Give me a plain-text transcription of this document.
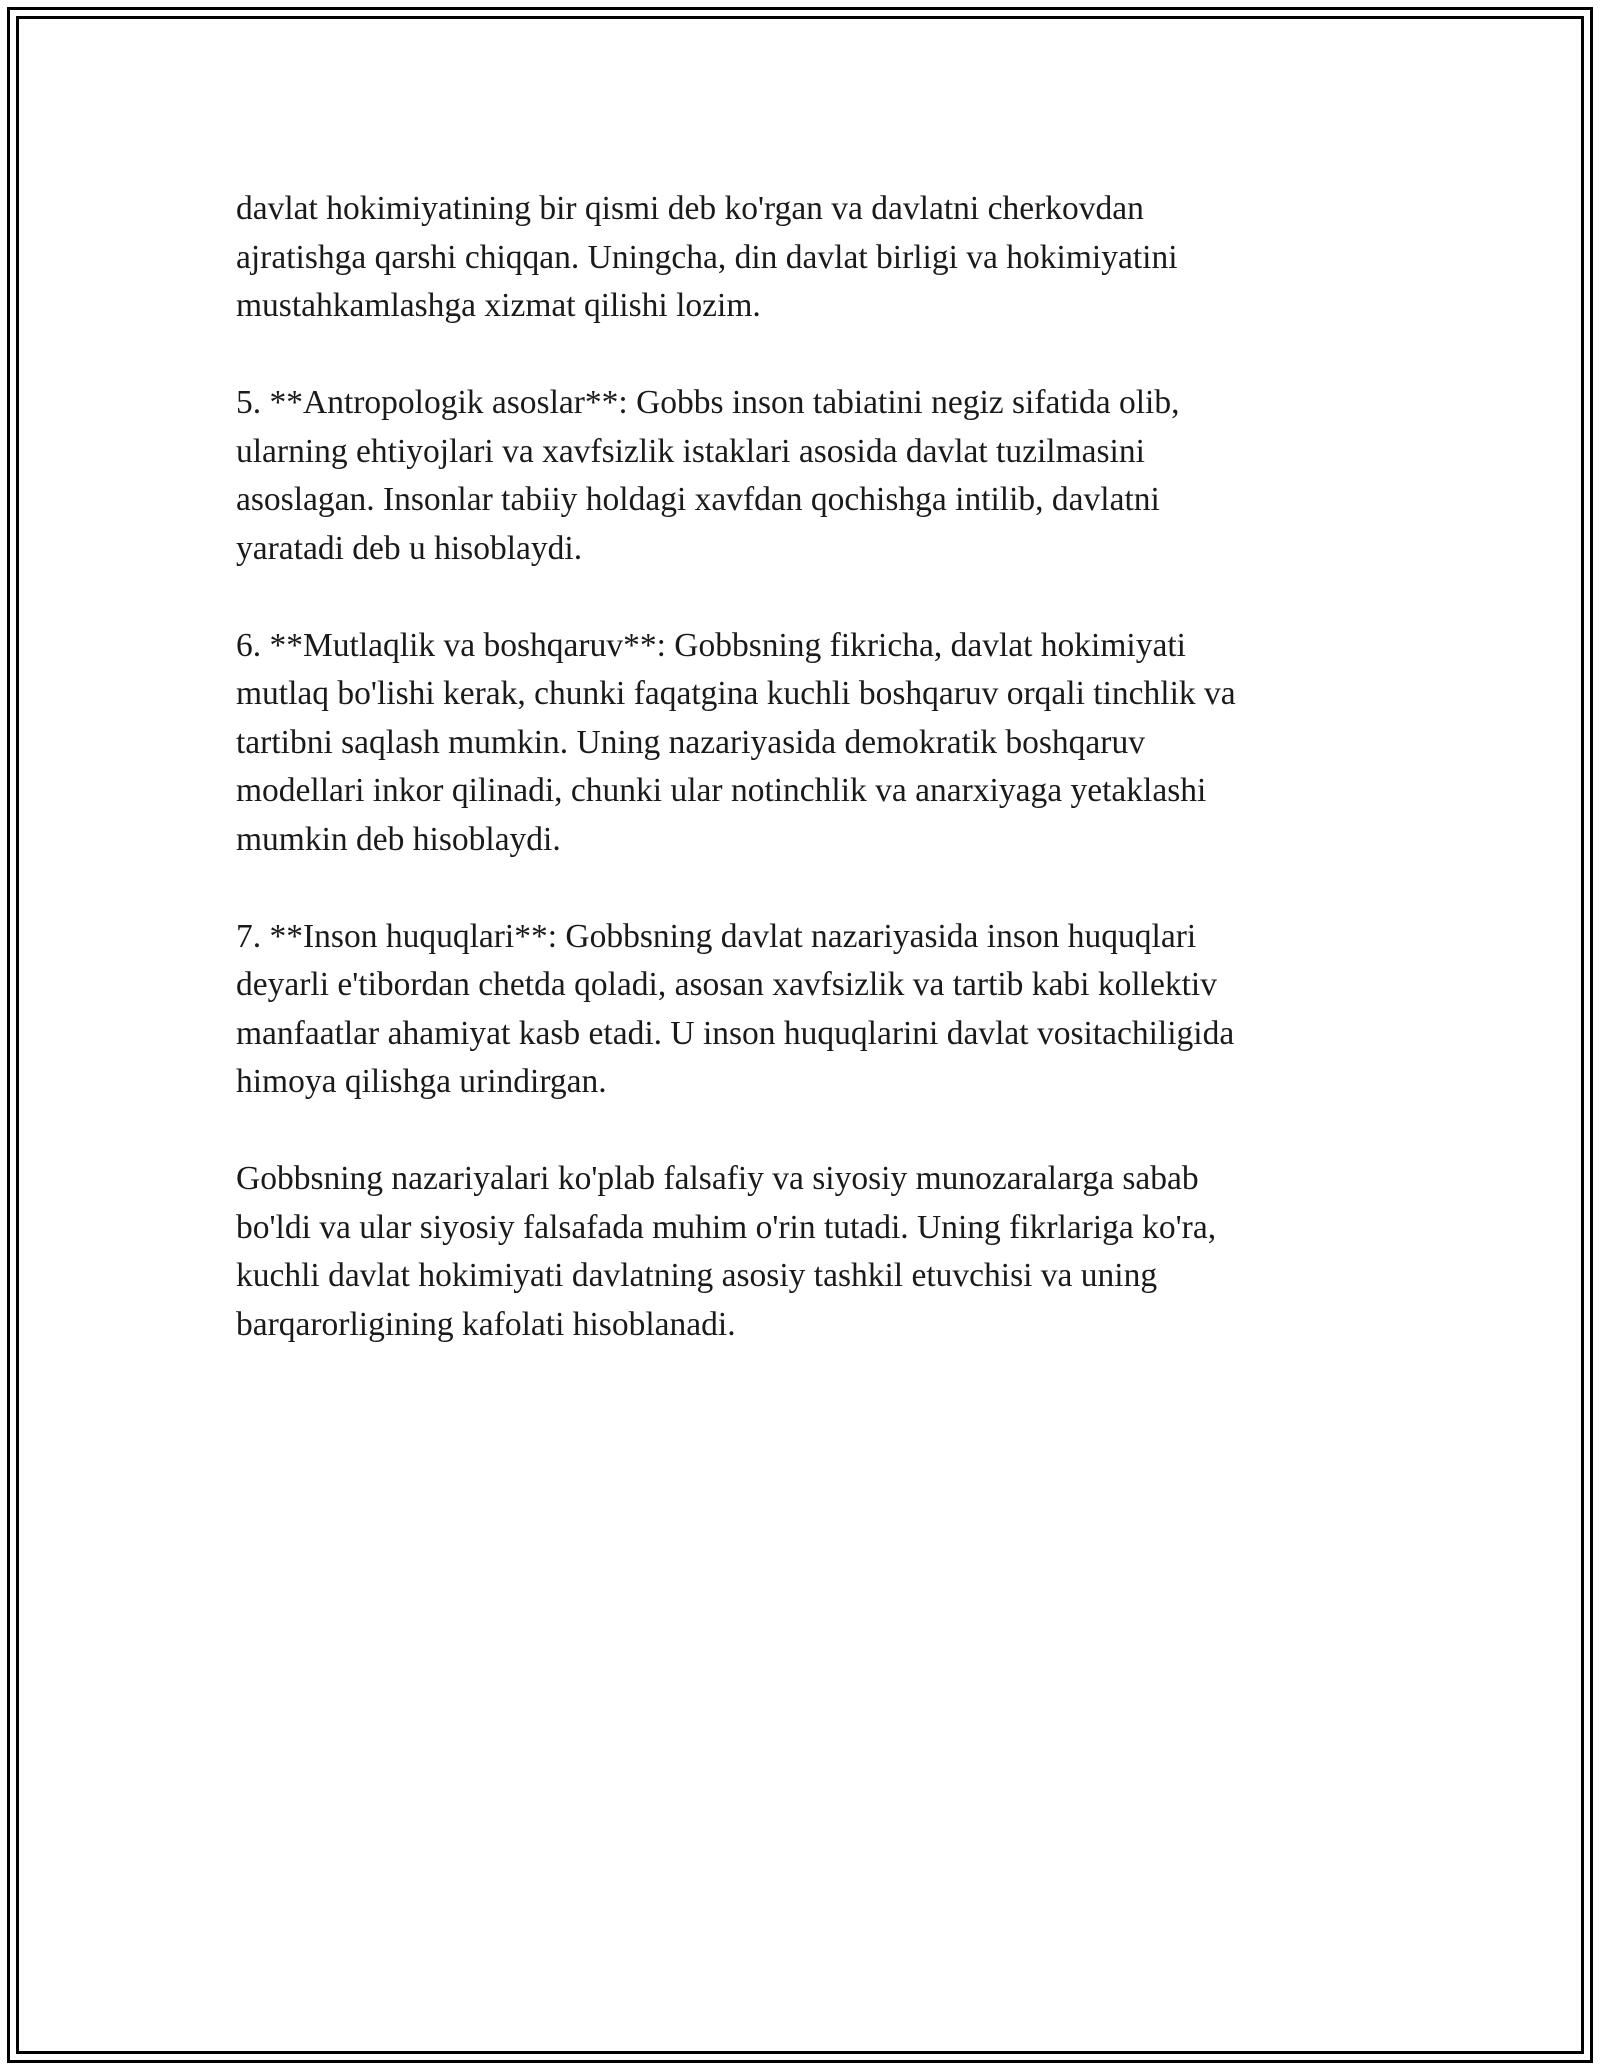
davlat hokimiyatining bir qismi deb ko'rgan va davlatni cherkovdan
ajratishga qarshi chiqqan. Uningcha, din davlat birligi va hokimiyatini
mustahkamlashga xizmat qilishi lozim.

5. **Antropologik asoslar**: Gobbs inson tabiatini negiz sifatida olib,
ularning ehtiyojlari va xavfsizlik istaklari asosida davlat tuzilmasini
asoslagan. Insonlar tabiiy holdagi xavfdan qochishga intilib, davlatni
yaratadi deb u hisoblaydi.

6. **Mutlaqlik va boshqaruv**: Gobbsning fikricha, davlat hokimiyati
mutlaq bo'lishi kerak, chunki faqatgina kuchli boshqaruv orqali tinchlik va
tartibni saqlash mumkin. Uning nazariyasida demokratik boshqaruv
modellari inkor qilinadi, chunki ular notinchlik va anarxiyaga yetaklashi
mumkin deb hisoblaydi.

7. **Inson huquqlari**: Gobbsning davlat nazariyasida inson huquqlari
deyarli e'tibordan chetda qoladi, asosan xavfsizlik va tartib kabi kollektiv
manfaatlar ahamiyat kasb etadi. U inson huquqlarini davlat vositachiligida
himoya qilishga urindirgan.

Gobbsning nazariyalari ko'plab falsafiy va siyosiy munozaralarga sabab
bo'ldi va ular siyosiy falsafada muhim o'rin tutadi. Uning fikrlariga ko'ra,
kuchli davlat hokimiyati davlatning asosiy tashkil etuvchisi va uning
barqarorligining kafolati hisoblanadi.
